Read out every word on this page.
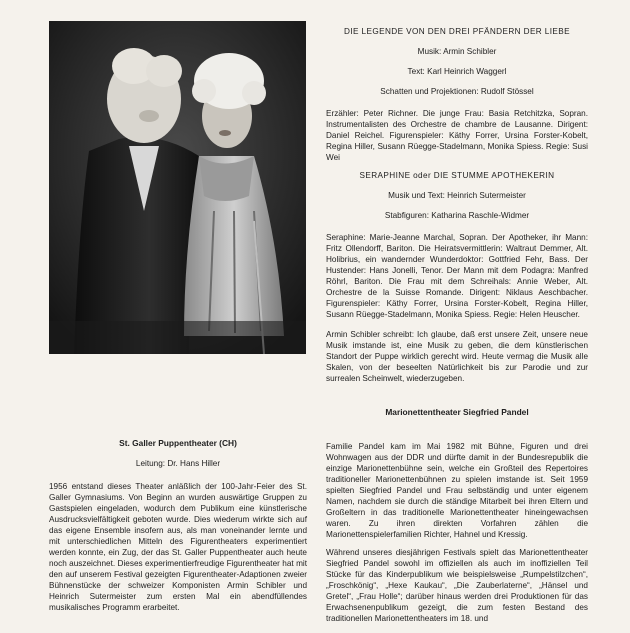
DIE LEGENDE VON DEN DREI PFÄNDERN DER LIEBE

Musik: Armin Schibler

Text: Karl Heinrich Waggerl

Schatten und Projektionen: Rudolf Stössel

Erzähler: Peter Richner. Die junge Frau: Basia Retchitzka, Sopran. Instrumentalisten des Orchestre de chambre de Lausanne. Dirigent: Daniel Reichel. Figurenspieler: Käthy Forrer, Ursina Forster-Kobelt, Regina Hiller, Susann Rüegge-Stadelmann, Monika Spiess. Regie: Susi Wei

SERAPHINE oder DIE STUMME APOTHEKERIN

Musik und Text: Heinrich Sutermeister

Stabfiguren: Katharina Raschle-Widmer

Seraphine: Marie-Jeanne Marchal, Sopran. Der Apotheker, ihr Mann: Fritz Ollendorff, Bariton. Die Heiratsvermittlerin: Waltraut Demmer, Alt. Holibrius, ein wandernder Wunderdoktor: Gottfried Fehr, Bass. Der Hustender: Hans Jonelli, Tenor. Der Mann mit dem Podagra: Manfred Röhrl, Bariton. Die Frau mit dem Schreihals: Annie Weber, Alt. Orchestre de la Suisse Romande. Dirigent: Niklaus Aeschbacher. Figurenspieler: Käthy Forrer, Ursina Forster-Kobelt, Regina Hiller, Susann Rüegge-Stadelmann, Monika Spiess. Regie: Helen Heuscher.

Armin Schibler schreibt: Ich glaube, daß erst unsere Zeit, unsere neue Musik imstande ist, eine Musik zu geben, die dem künstlerischen Standort der Puppe wirklich gerecht wird. Heute vermag die Musik alle Skalen, von der beseelten Natürlichkeit bis zur Parodie und zur surrealen Scheinwelt, wiederzugeben.

St. Galler Puppentheater (CH)

Leitung: Dr. Hans Hiller

1956 entstand dieses Theater anläßlich der 100-Jahr-Feier des St. Galler Gymnasiums. Von Beginn an wurden auswärtige Gruppen zu Gastspielen eingeladen, wodurch dem Publikum eine künstlerische Ausdrucksvielfältigkeit geboten wurde. Dies wiederum wirkte sich auf das eigene Ensemble insofern aus, als man voneinander lernte und mit unterschiedlichen Mitteln des Figurentheaters experimentiert werden konnte, ein Zug, der das St. Galler Puppentheater auch heute noch auszeichnet. Dieses experimentierfreudige Figurentheater hat mit den auf unserem Festival gezeigten Figurentheater-Adaptionen zweier Bühnenstücke der schweizer Komponisten Armin Schibler und Heinrich Sutermeister zum ersten Mal ein abendfüllendes musikalisches Programm erarbeitet.

Marionettentheater Siegfried Pandel

Familie Pandel kam im Mai 1982 mit Bühne, Figuren und drei Wohnwagen aus der DDR und dürfte damit in der Bundesrepublik die einzige Marionettenbühne sein, welche ein Großteil des Repertoires traditioneller Marionettenbühnen zu spielen imstande ist. Seit 1959 spielten Siegfried Pandel und Frau selbständig und unter eigenem Namen, nachdem sie durch die ständige Mitarbeit bei ihren Eltern und Großeltern in das traditionelle Marionettentheater hineingewachsen waren. Zu ihren direkten Vorfahren zählen die Marionettenspielerfamilien Richter, Hahnel und Kressig.

Während unseres diesjährigen Festivals spielt das Marionettentheater Siegfried Pandel sowohl im offiziellen als auch im inoffiziellen Teil Stücke für das Kinderpublikum wie beispielsweise „Rumpelstilzchen“, „Froschkönig“, „Hexe Kaukau“, „Die Zauberlaterne“, „Hänsel und Gretel“, „Frau Holle“; darüber hinaus werden drei Produktionen für das Erwachsenenpublikum gezeigt, die zum festen Bestand des traditionellen Marionettentheaters im 18. und
